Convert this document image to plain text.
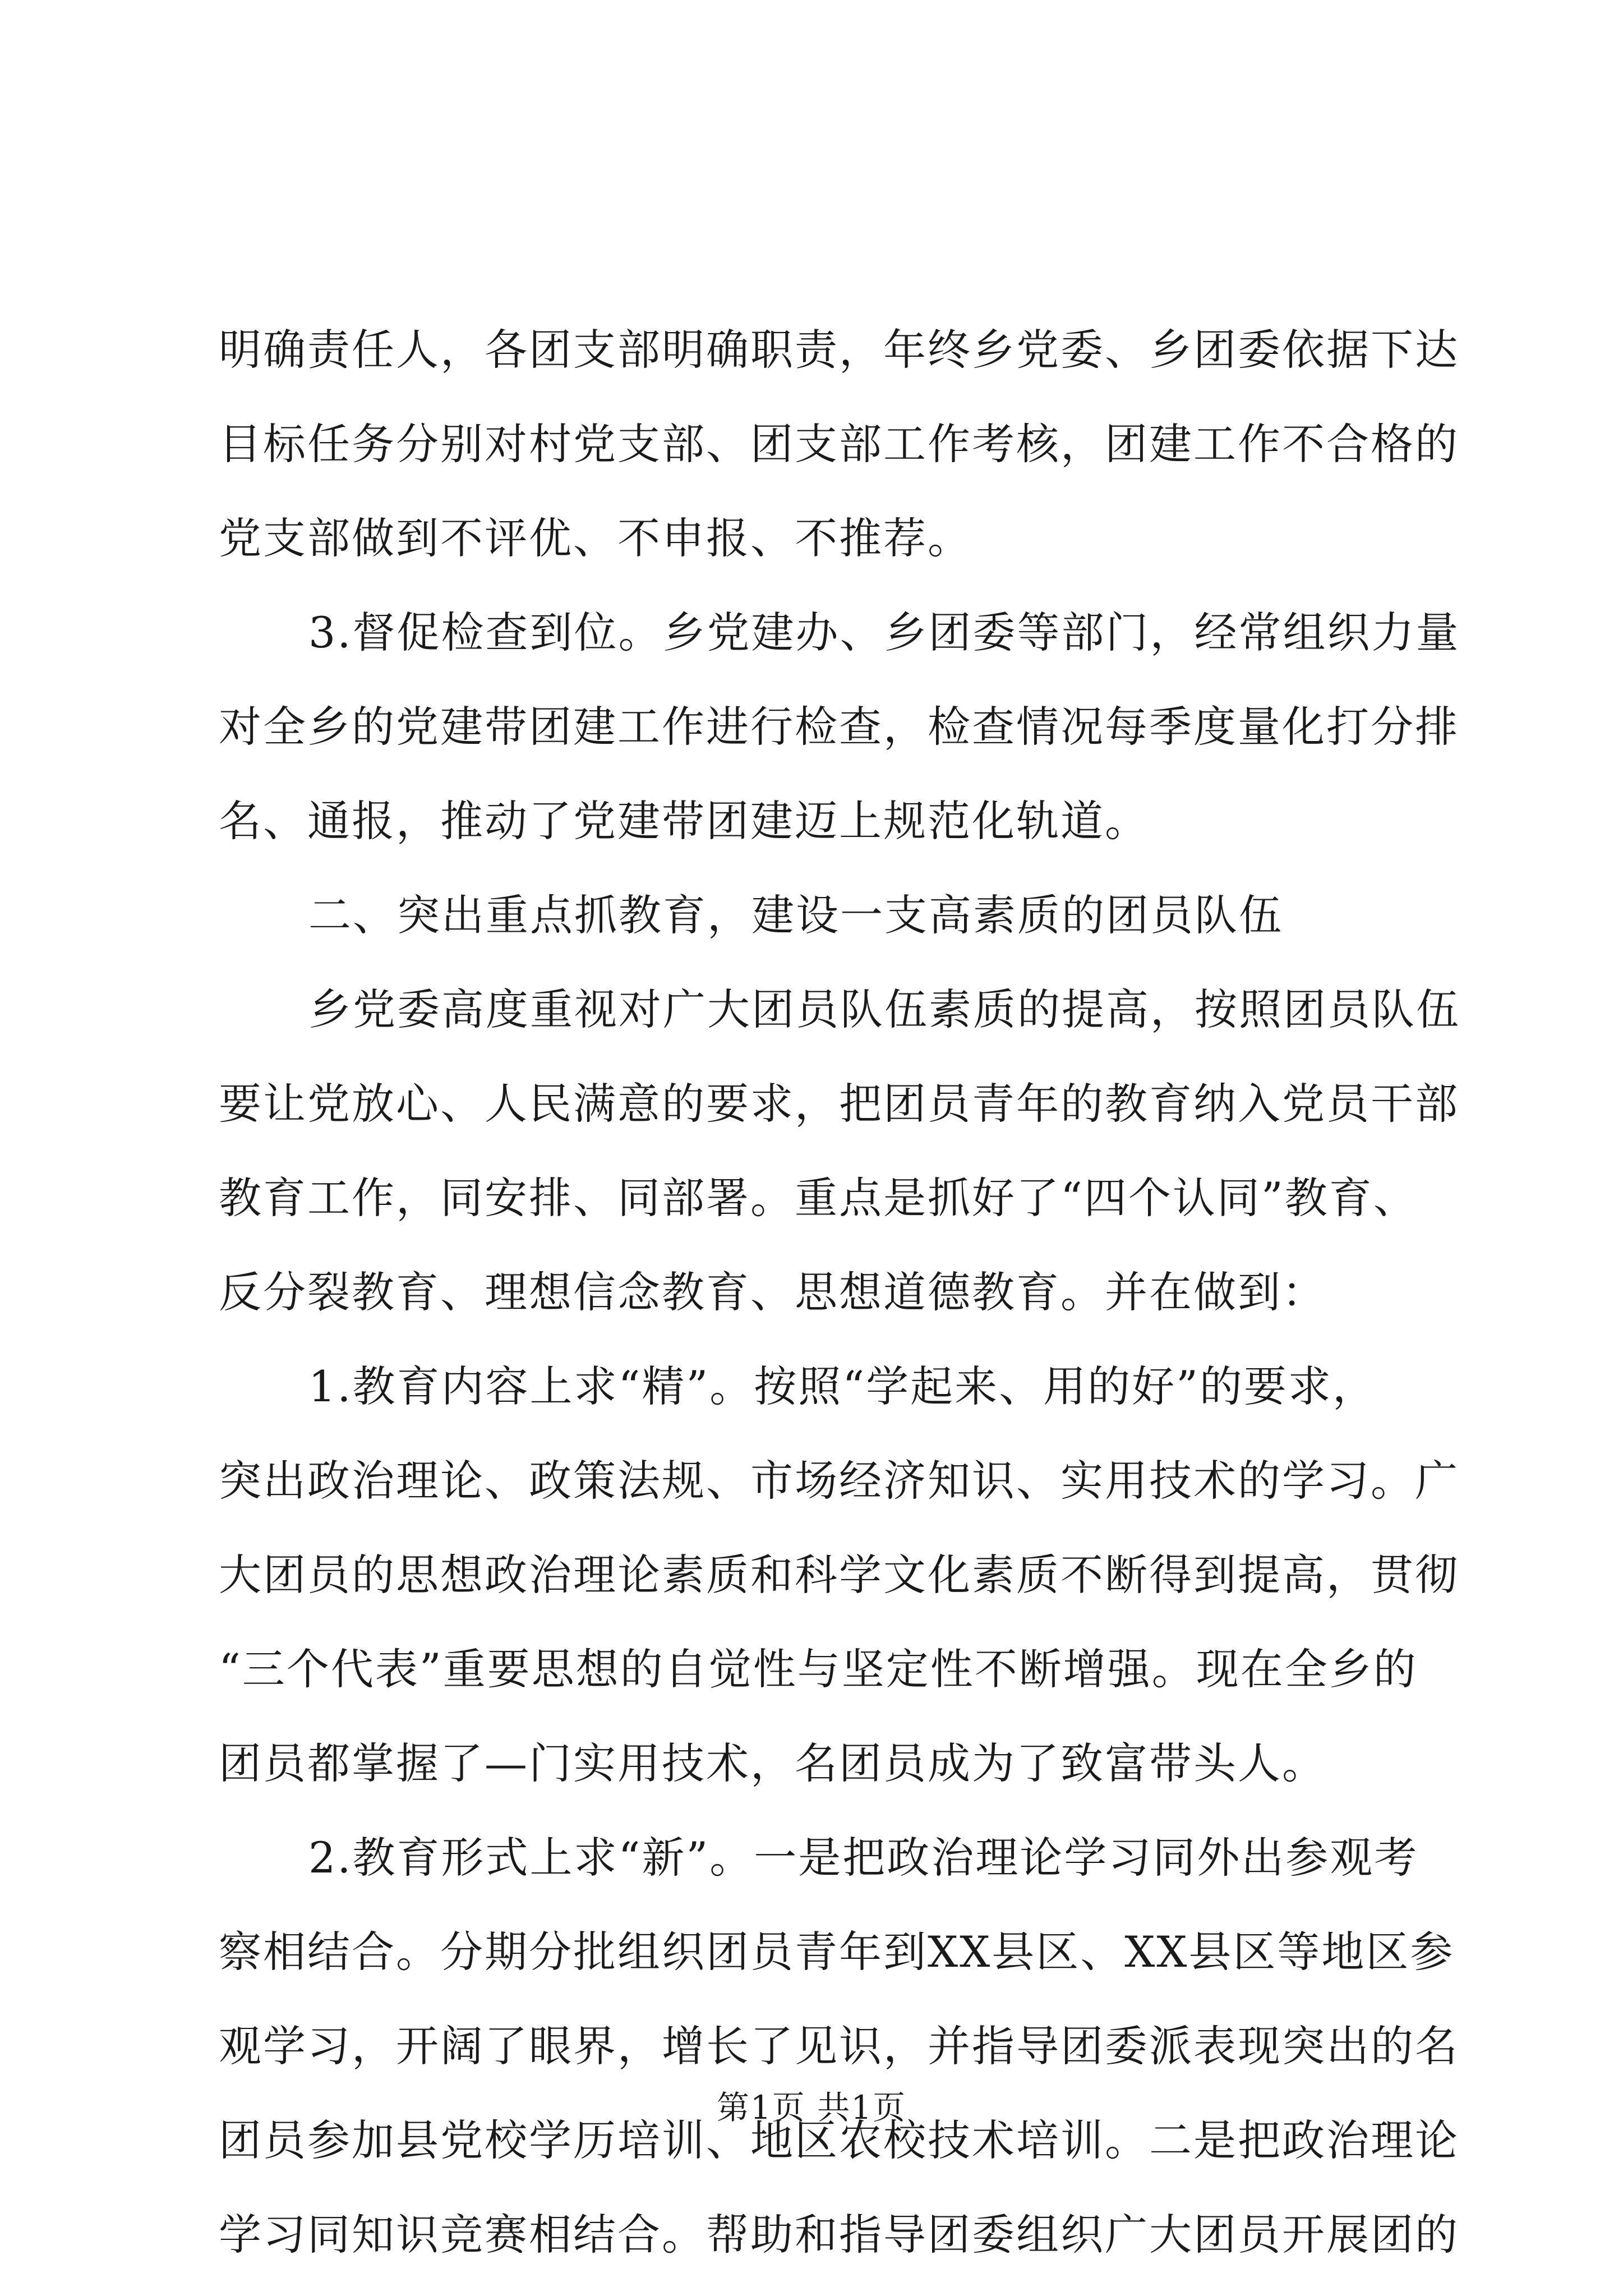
明确责任人，各团支部明确职责，年终乡党委、乡团委依据下达
目标任务分别对村党支部、团支部工作考核，团建工作不合格的
党支部做到不评优、不申报、不推荐。
3.督促检查到位。乡党建办、乡团委等部门，经常组织力量
对全乡的党建带团建工作进行检查，检查情况每季度量化打分排
名、通报，推动了党建带团建迈上规范化轨道。
二、突出重点抓教育，建设一支高素质的团员队伍
乡党委高度重视对广大团员队伍素质的提高，按照团员队伍
要让党放心、人民满意的要求，把团员青年的教育纳入党员干部
教育工作，同安排、同部署。重点是抓好了“四个认同”教育、
反分裂教育、理想信念教育、思想道德教育。并在做到：
1.教育内容上求“精”。按照“学起来、用的好”的要求，
突出政治理论、政策法规、市场经济知识、实用技术的学习。广
大团员的思想政治理论素质和科学文化素质不断得到提高，贯彻
“三个代表”重要思想的自觉性与坚定性不断增强。现在全乡的
团员都掌握了—门实用技术，名团员成为了致富带头人。
2.教育形式上求“新”。一是把政治理论学习同外出参观考
察相结合。分期分批组织团员青年到XX县区、XX县区等地区参
观学习，开阔了眼界，增长了见识，并指导团委派表现突出的名
团员参加县党校学历培训、地区农校技术培训。二是把政治理论
学习同知识竞赛相结合。帮助和指导团委组织广大团员开展团的
第1页 共1页
